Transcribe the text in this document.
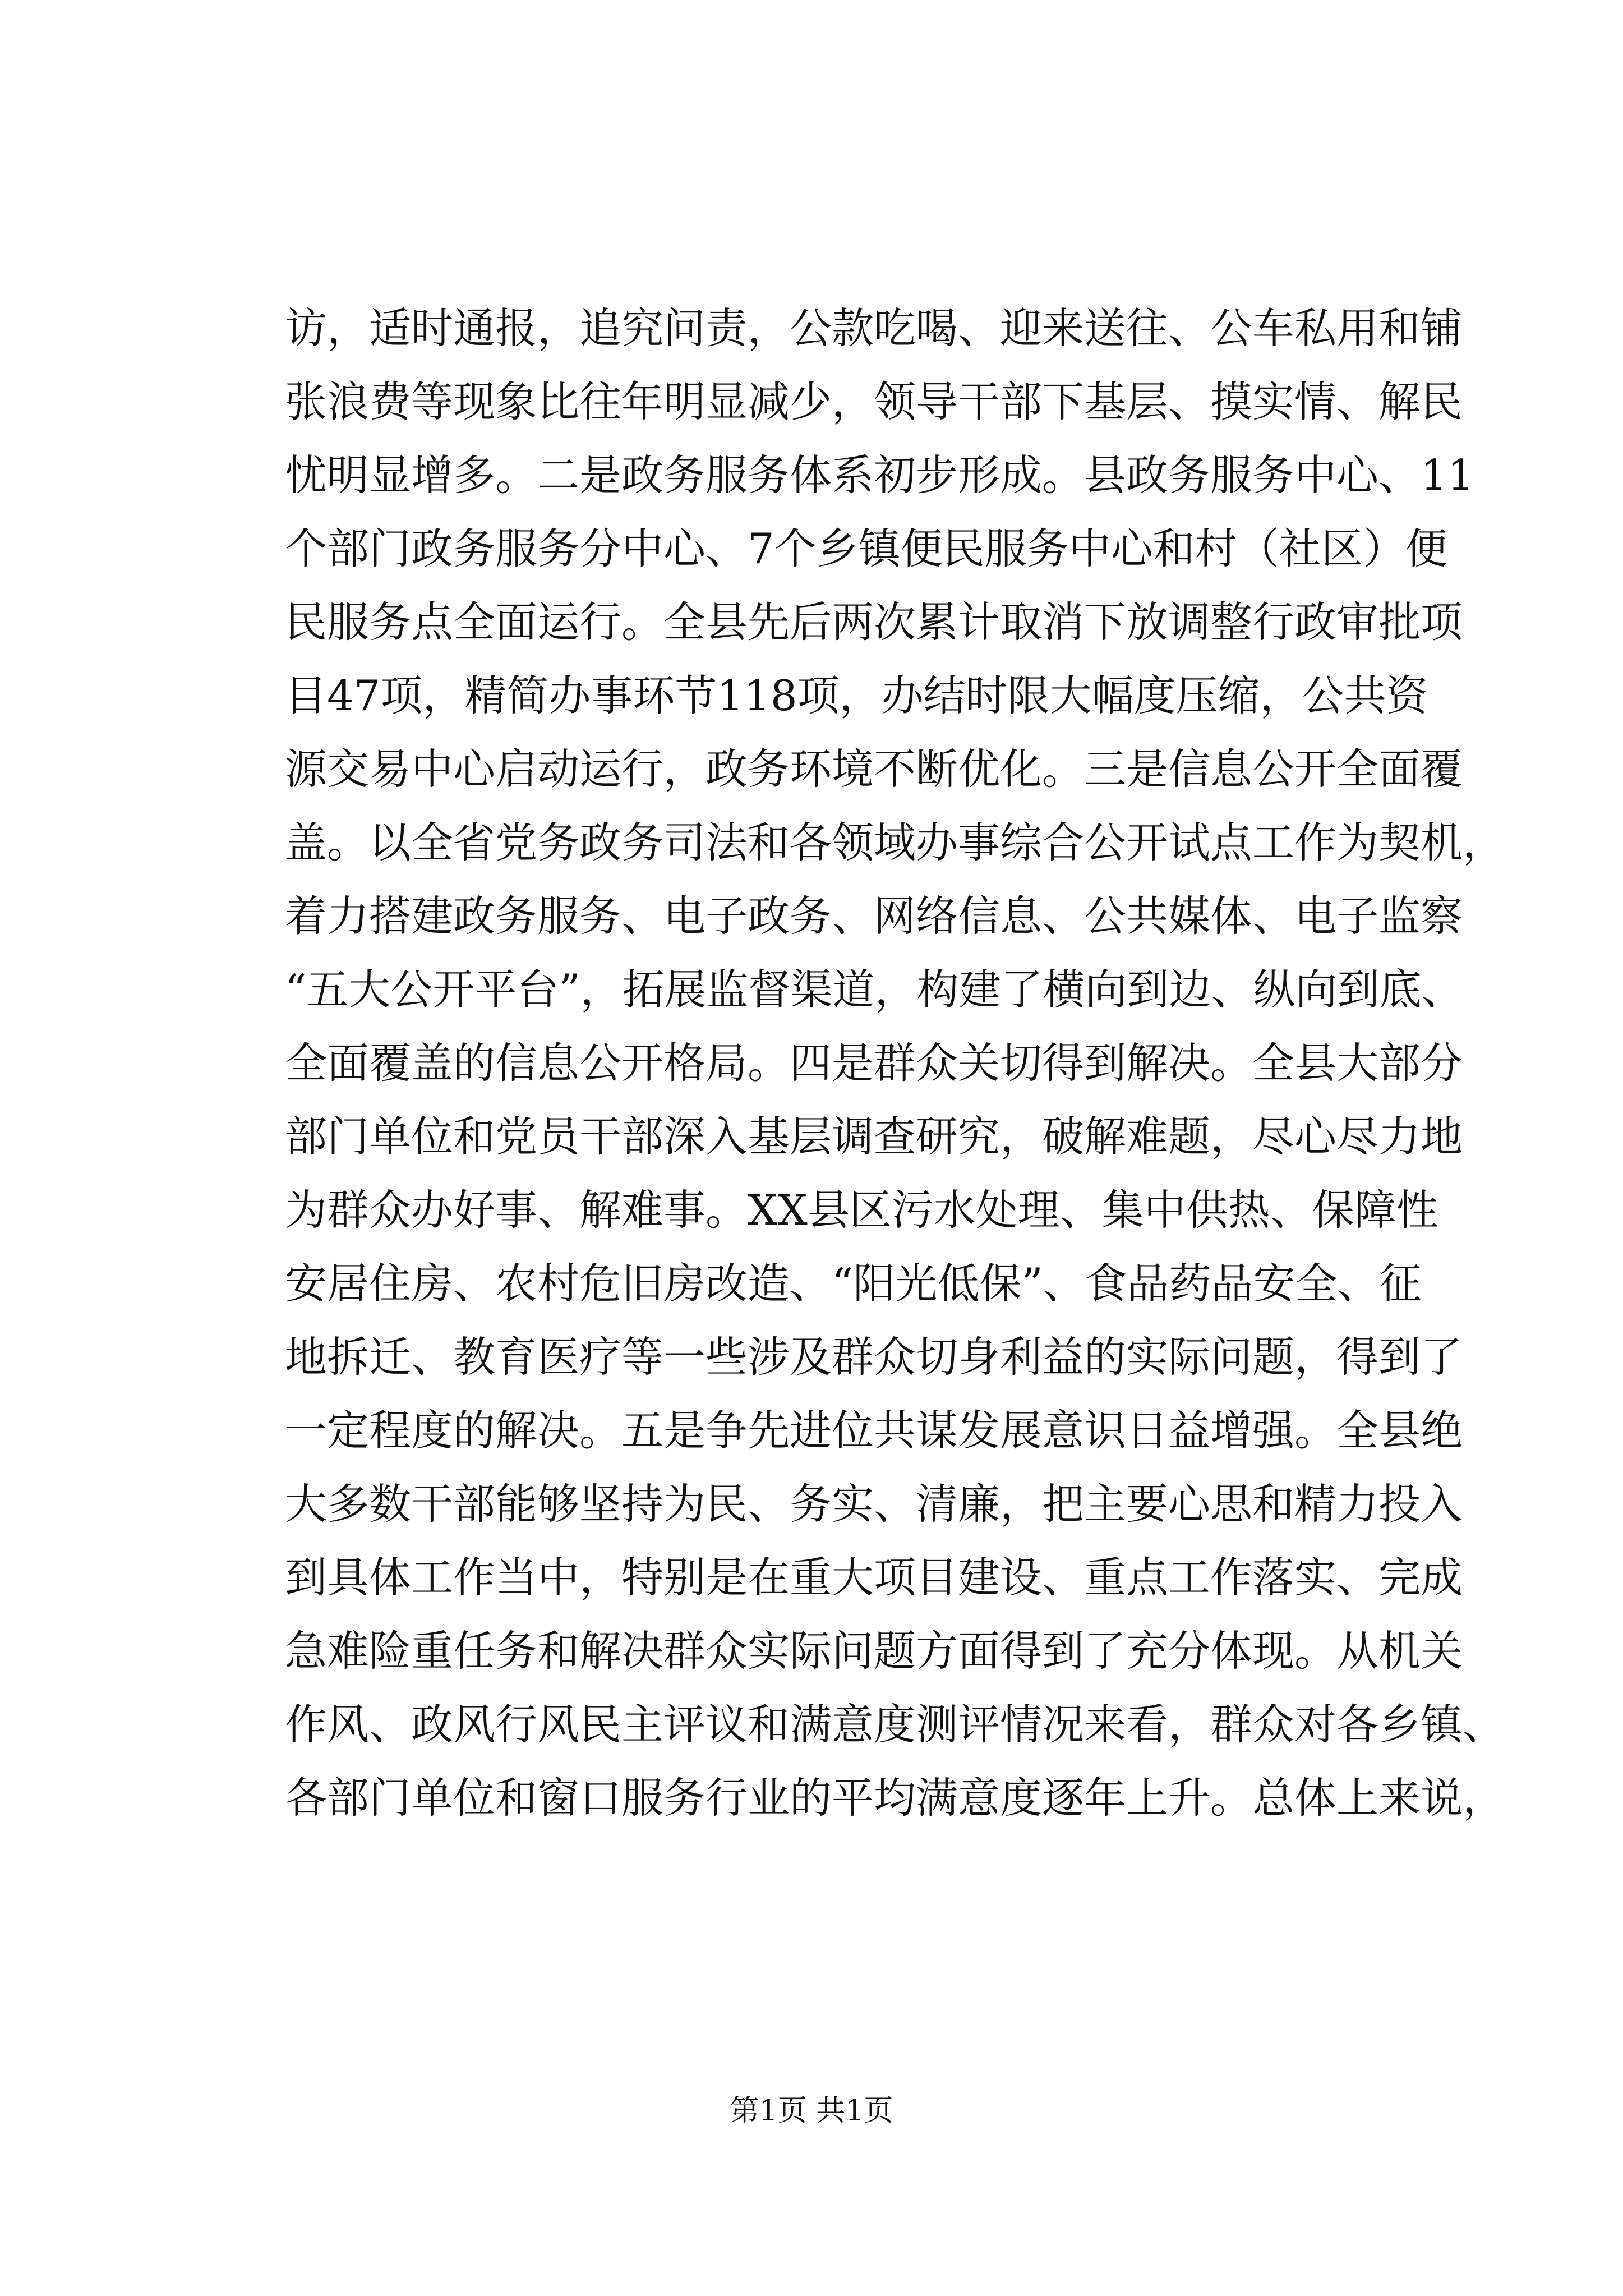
访，适时通报，追究问责，公款吃喝、迎来送往、公车私用和铺
张浪费等现象比往年明显减少，领导干部下基层、摸实情、解民
忧明显增多。二是政务服务体系初步形成。县政务服务中心、11
个部门政务服务分中心、7个乡镇便民服务中心和村（社区）便
民服务点全面运行。全县先后两次累计取消下放调整行政审批项
目47项，精简办事环节118项，办结时限大幅度压缩，公共资
源交易中心启动运行，政务环境不断优化。三是信息公开全面覆
盖。以全省党务政务司法和各领域办事综合公开试点工作为契机，
着力搭建政务服务、电子政务、网络信息、公共媒体、电子监察
“五大公开平台”，拓展监督渠道，构建了横向到边、纵向到底、
全面覆盖的信息公开格局。四是群众关切得到解决。全县大部分
部门单位和党员干部深入基层调查研究，破解难题，尽心尽力地
为群众办好事、解难事。XX县区污水处理、集中供热、保障性
安居住房、农村危旧房改造、“阳光低保”、食品药品安全、征
地拆迁、教育医疗等一些涉及群众切身利益的实际问题，得到了
一定程度的解决。五是争先进位共谋发展意识日益增强。全县绝
大多数干部能够坚持为民、务实、清廉，把主要心思和精力投入
到具体工作当中，特别是在重大项目建设、重点工作落实、完成
急难险重任务和解决群众实际问题方面得到了充分体现。从机关
作风、政风行风民主评议和满意度测评情况来看，群众对各乡镇、
各部门单位和窗口服务行业的平均满意度逐年上升。总体上来说，
第1页 共1页
